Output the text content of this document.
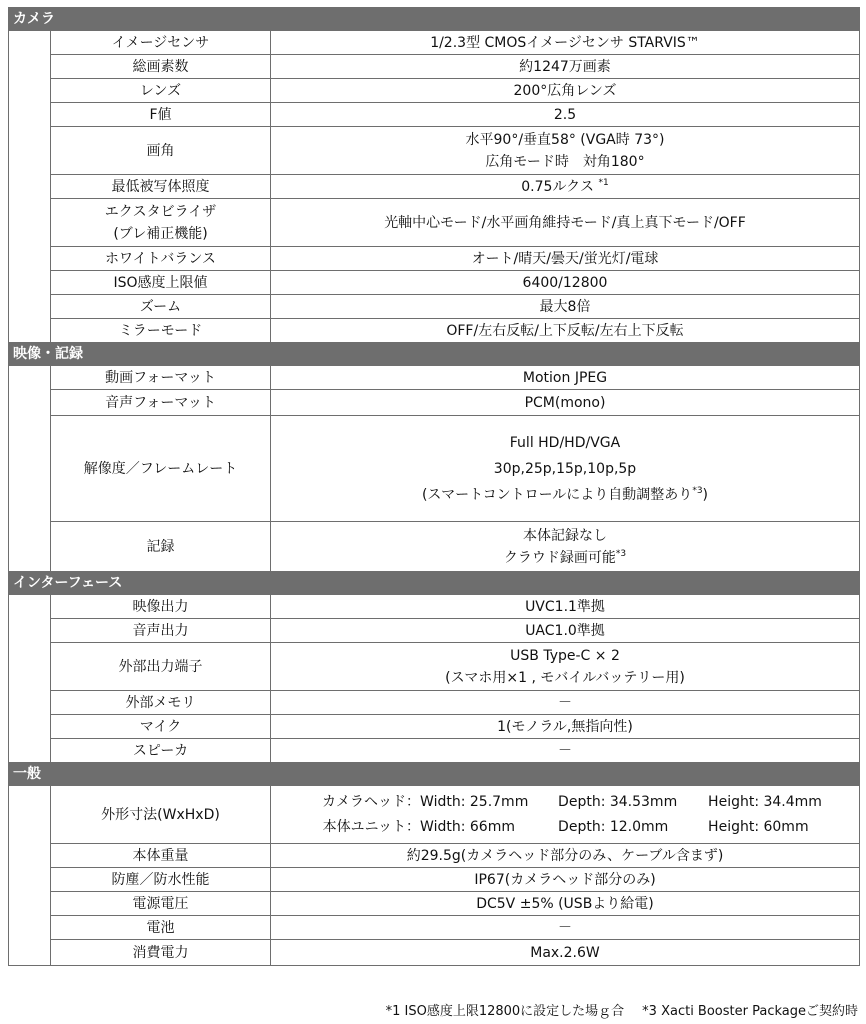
カメラ		
	イメージセンサ	1/2.3型 CMOSイメージセンサ STARVIS™
	総画素数	約1247万画素
	レンズ	200°広角レンズ
	F値	2.5
	画角	水平90°/垂直58° (VGA時 73°)
広角モード時　対角180°

	最低被写体照度	0.75ルクス $^{*1}$

	エクスタビライザ
(ブレ補正機能)	光軸中心モード/水平画角維持モード/真上真下モード/OFF
	ホワイトバランス	オート/晴天/曇天/蛍光灯/電球
	ISO感度上限値	6400/12800
	ズーム	最大8倍
	ミラーモード	OFF/左右反転/上下反転/左右上下反転
映像・記録		
	動画フォーマット	Motion JPEG
	音声フォーマット	PCM(mono)
	解像度／フレームレート	Full HD/HD/VGA
30p,25p,15p,10p,5p
(スマートコントロールにより自動調整あり$^{*3}$)

	記録	本体記録なし
クラウド録画可能$^{*3}$

インターフェース		
	映像出力	UVC1.1準拠
	音声出力	UAC1.0準拠
	外部出力端子	USB Type-C × 2
(スマホ用×1 , モバイルバッテリー用)

	外部メモリ	－
	マイク	1(モノラル,無指向性)
	スピーカ	－
一般		
	外形寸法(WxHxD)	カメラヘッド：Width: 25.7mm Depth: 34.53mm Height: 34.4mm
本体ユニット：Width: 66mm Depth: 12.0mm Height: 60mm

	本体重量	約29.5g(カメラヘッド部分のみ、ケーブル含まず)
	防塵／防水性能	IP67(カメラヘッド部分のみ)
	電源電圧	DC5V ±5% (USBより給電)
	電池	－
	消費電力	Max.2.6W
*1 ISO感度上限12800に設定した場ｇ合 *3 Xacti Booster Packageご契約時
